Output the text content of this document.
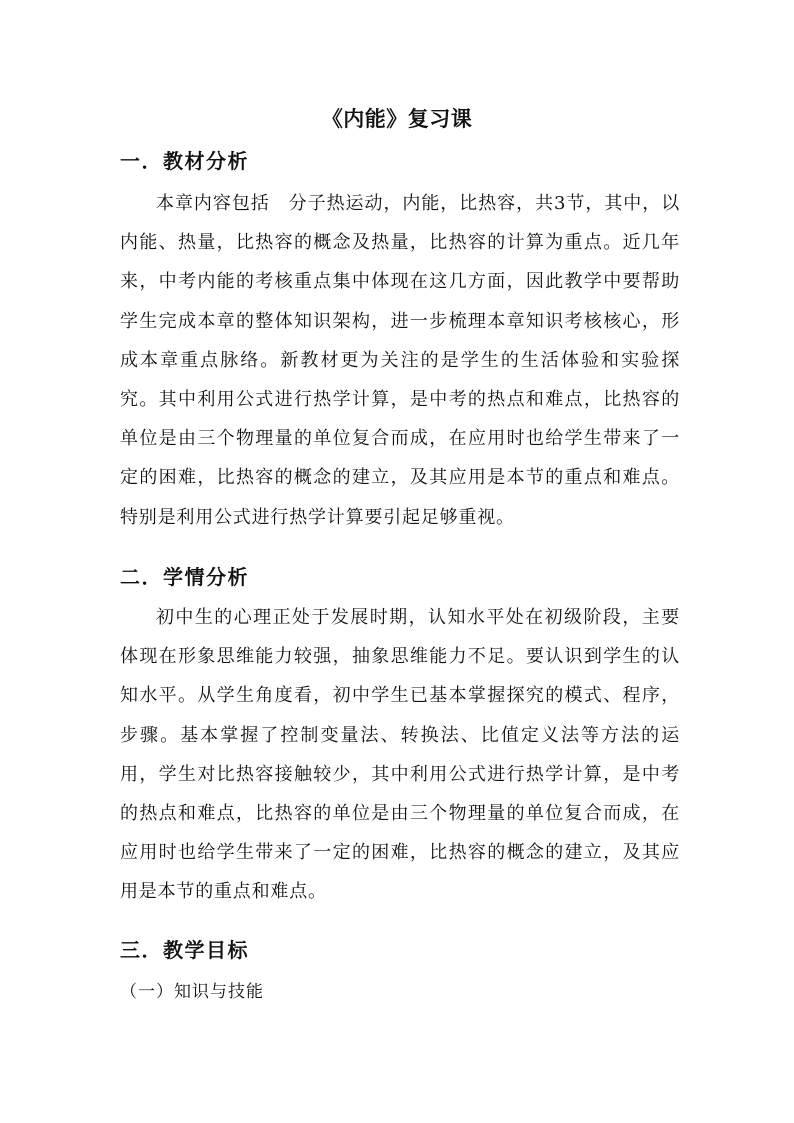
《内能》复习课
一．教材分析

本章内容包括　分子热运动，内能，比热容，共3节，其中，以内能、热量，比热容的概念及热量，比热容的计算为重点。近几年来，中考内能的考核重点集中体现在这几方面，因此教学中要帮助学生完成本章的整体知识架构，进一步梳理本章知识考核核心，形成本章重点脉络。新教材更为关注的是学生的生活体验和实验探究。其中利用公式进行热学计算，是中考的热点和难点，比热容的单位是由三个物理量的单位复合而成，在应用时也给学生带来了一定的困难，比热容的概念的建立，及其应用是本节的重点和难点。特别是利用公式进行热学计算要引起足够重视。

二．学情分析

初中生的心理正处于发展时期，认知水平处在初级阶段，主要体现在形象思维能力较强，抽象思维能力不足。要认识到学生的认知水平。从学生角度看，初中学生已基本掌握探究的模式、程序，步骤。基本掌握了控制变量法、转换法、比值定义法等方法的运用，学生对比热容接触较少，其中利用公式进行热学计算，是中考的热点和难点，比热容的单位是由三个物理量的单位复合而成，在应用时也给学生带来了一定的困难，比热容的概念的建立，及其应用是本节的重点和难点。

三．教学目标
（一）知识与技能
